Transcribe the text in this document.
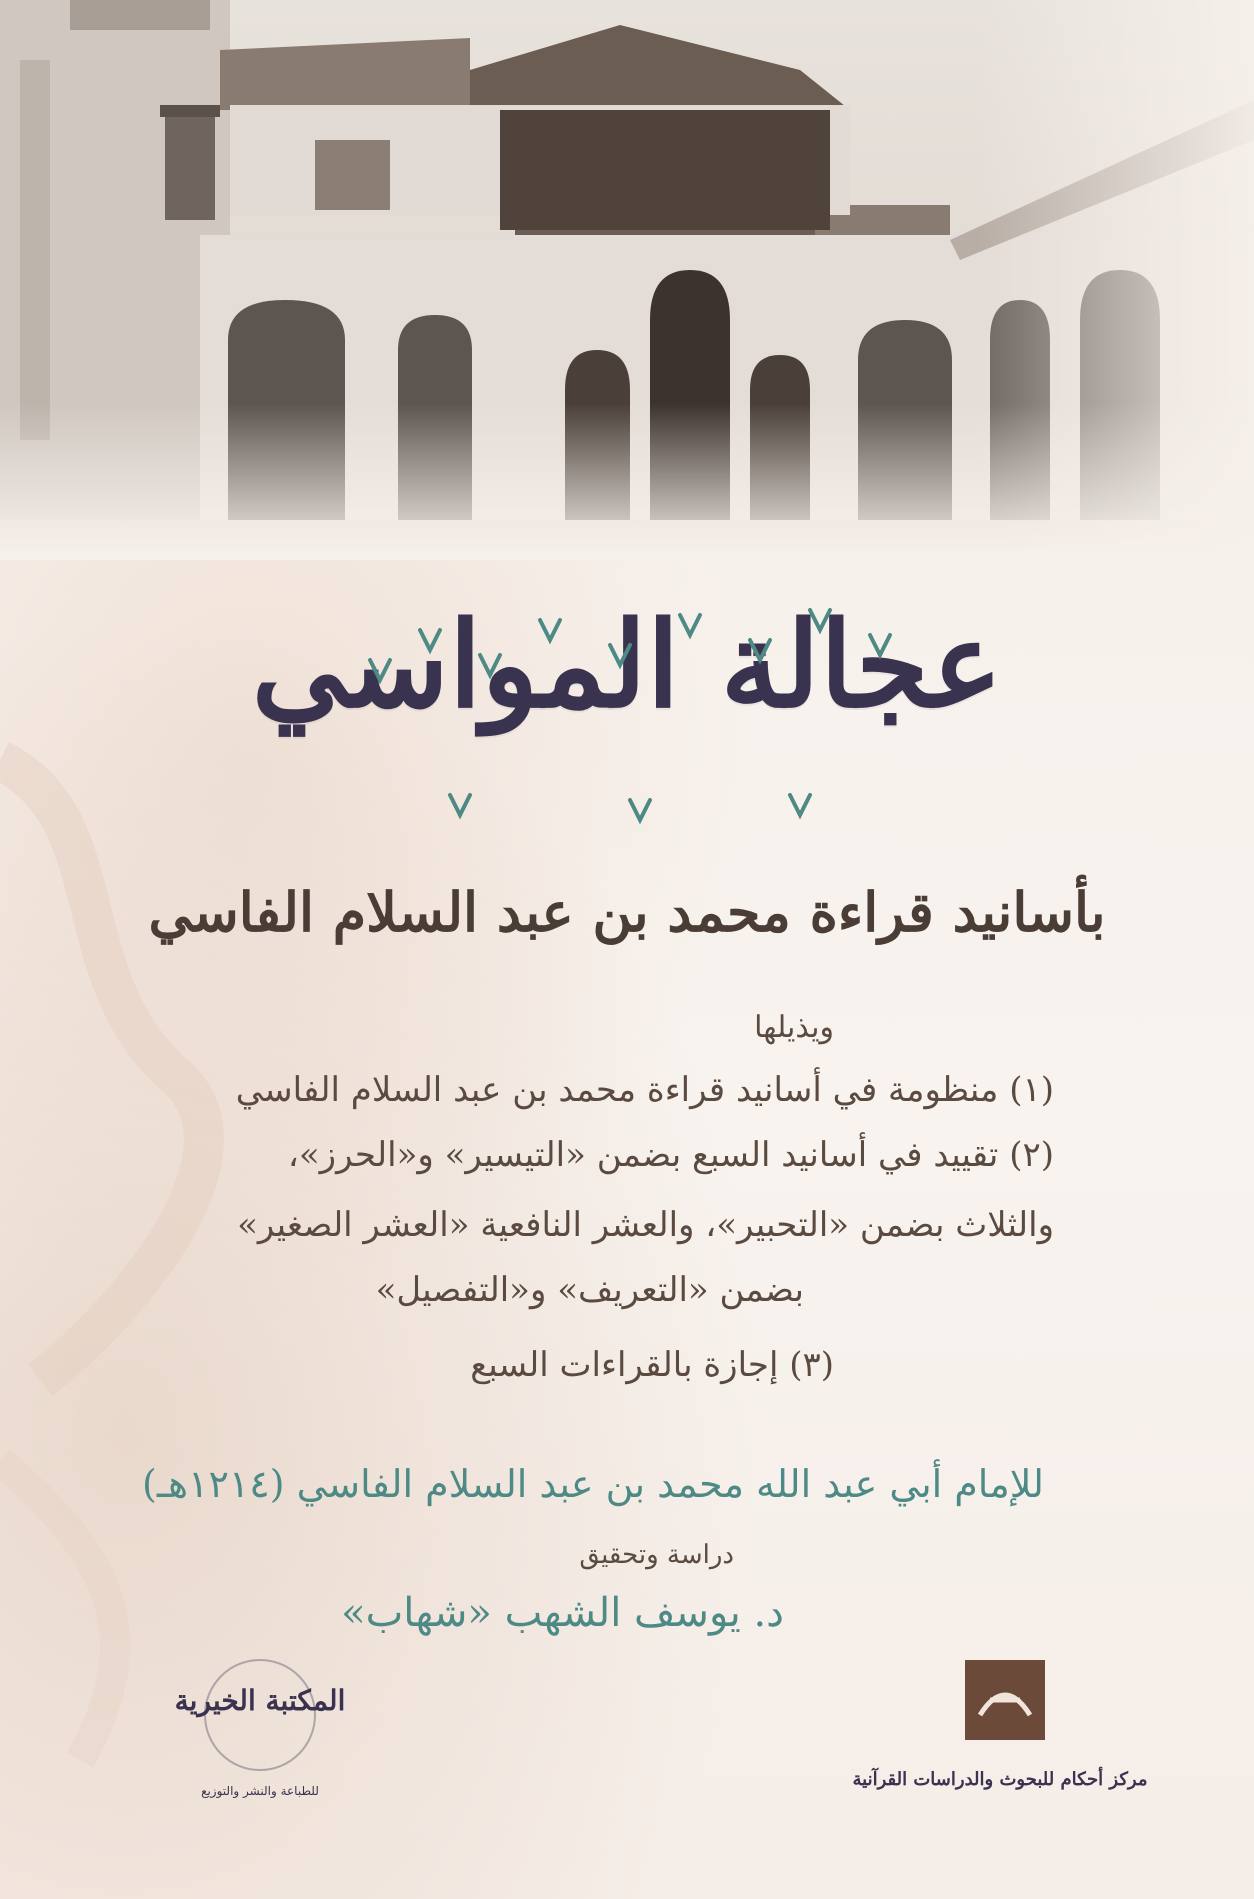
عجالة المواسي
بأسانيد قراءة محمد بن عبد السلام الفاسي
ويذيلها
(١) منظومة في أسانيد قراءة محمد بن عبد السلام الفاسي
(٢) تقييد في أسانيد السبع بضمن «التيسير» و«الحرز»،
والثلاث بضمن «التحبير»، والعشر النافعية «العشر الصغير»
بضمن «التعريف» و«التفصيل»
(٣) إجازة بالقراءات السبع
للإمام أبي عبد الله محمد بن عبد السلام الفاسي (١٢١٤هـ)
دراسة وتحقيق
د. يوسف الشهب «شهاب»
المكتبة الخيرية
للطباعة والنشر والتوزيع
مركز أحكام للبحوث والدراسات القرآنية
